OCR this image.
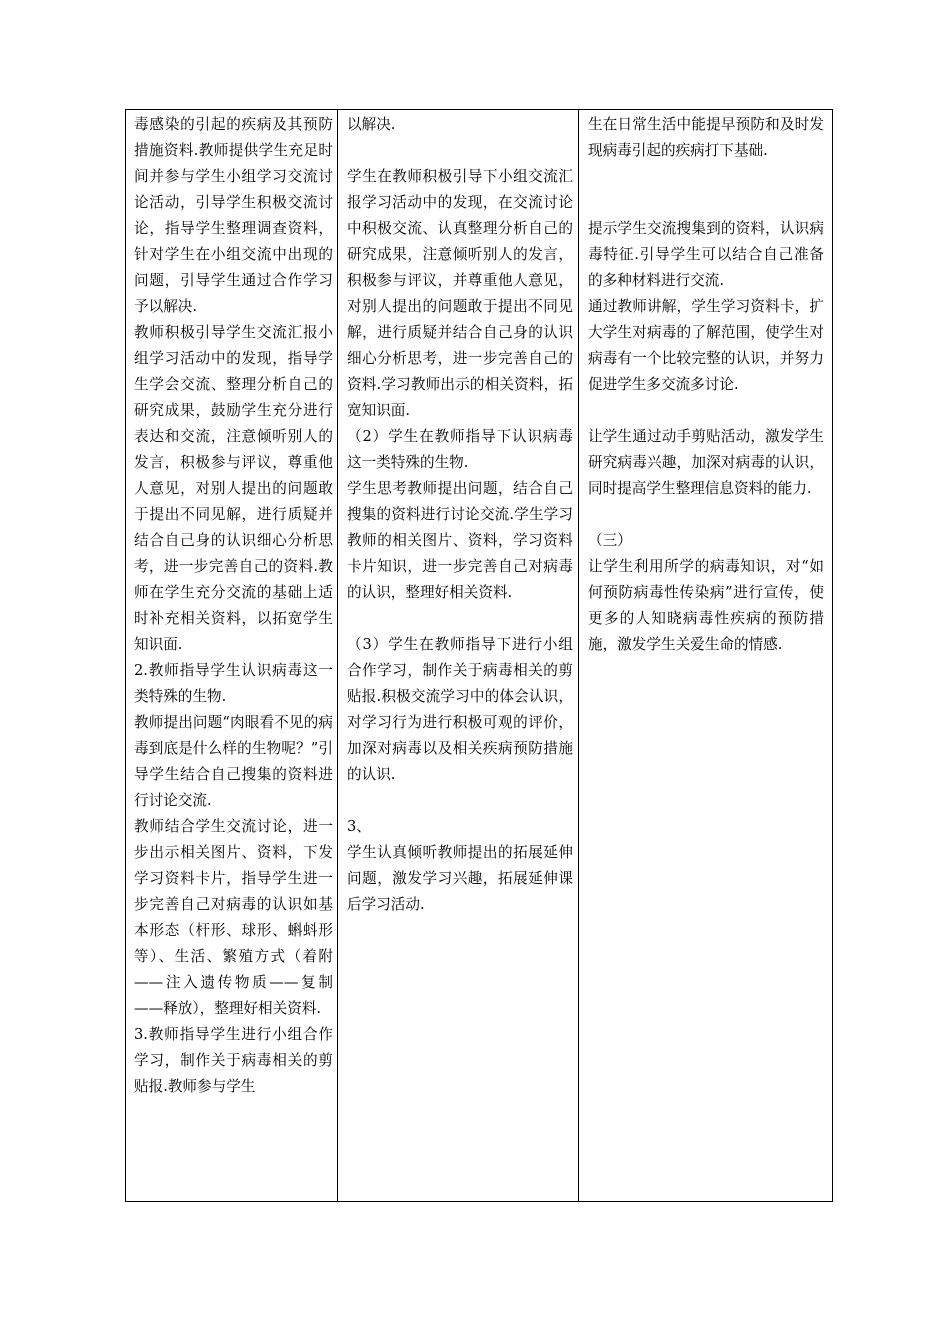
毒感染的引起的疾病及其预防措施资料.教师提供学生充足时间并参与学生小组学习交流讨论活动，引导学生积极交流讨论，指导学生整理调查资料，针对学生在小组交流中出现的问题，引导学生通过合作学习予以解决.

教师积极引导学生交流汇报小组学习活动中的发现，指导学生学会交流、整理分析自己的研究成果，鼓励学生充分进行表达和交流，注意倾听别人的发言，积极参与评议，尊重他人意见，对别人提出的问题敢于提出不同见解，进行质疑并结合自己身的认识细心分析思考，进一步完善自己的资料.教师在学生充分交流的基础上适时补充相关资料，以拓宽学生知识面.

2.教师指导学生认识病毒这一类特殊的生物.

教师提出问题“肉眼看不见的病毒到底是什么样的生物呢？”引导学生结合自己搜集的资料进行讨论交流.

教师结合学生交流讨论，进一步出示相关图片、资料，下发学习资料卡片，指导学生进一步完善自己对病毒的认识如基本形态（杆形、球形、蝌蚪形等）、生活、繁殖方式（着附——注入遗传物质——复制——释放），整理好相关资料.

3.教师指导学生进行小组合作学习，制作关于病毒相关的剪贴报.教师参与学生

以解决.

学生在教师积极引导下小组交流汇报学习活动中的发现，在交流讨论中积极交流、认真整理分析自己的研究成果，注意倾听别人的发言，积极参与评议，并尊重他人意见，对别人提出的问题敢于提出不同见解，进行质疑并结合自己身的认识细心分析思考，进一步完善自己的资料.学习教师出示的相关资料，拓宽知识面.

（2）学生在教师指导下认识病毒这一类特殊的生物.

学生思考教师提出问题，结合自己搜集的资料进行讨论交流.学生学习教师的相关图片、资料，学习资料卡片知识，进一步完善自己对病毒的认识，整理好相关资料.

（3）学生在教师指导下进行小组合作学习，制作关于病毒相关的剪贴报.积极交流学习中的体会认识，对学习行为进行积极可观的评价，加深对病毒以及相关疾病预防措施的认识.

3、

学生认真倾听教师提出的拓展延伸问题，激发学习兴趣，拓展延伸课后学习活动.

生在日常生活中能提早预防和及时发现病毒引起的疾病打下基础.

提示学生交流搜集到的资料，认识病毒特征.引导学生可以结合自己准备的多种材料进行交流.

通过教师讲解，学生学习资料卡，扩大学生对病毒的了解范围，使学生对病毒有一个比较完整的认识，并努力促进学生多交流多讨论.

让学生通过动手剪贴活动，激发学生研究病毒兴趣，加深对病毒的认识，同时提高学生整理信息资料的能力.

（三）

让学生利用所学的病毒知识，对“如何预防病毒性传染病”进行宣传，使更多的人知晓病毒性疾病的预防措施，激发学生关爱生命的情感.
